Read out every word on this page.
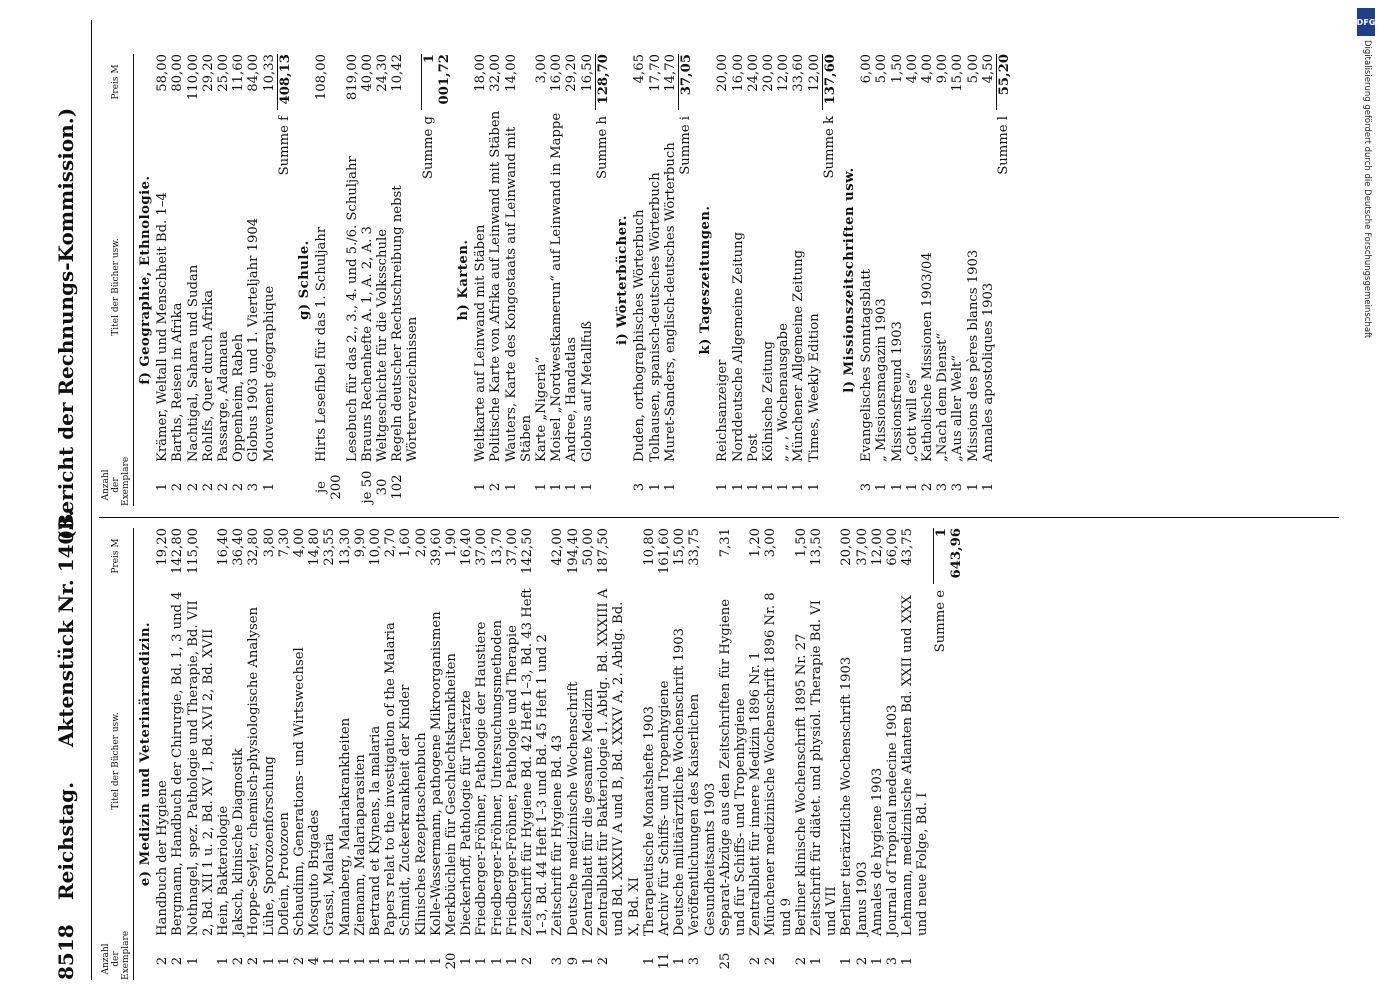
8518
Reichstag.     Aktenstück Nr. 1403.
(Bericht der Rechnungs-Kommission.)
Anzahl der Exemplare
Titel der Bücher usw.
Preis M
e) Medizin und Veterinärmedizin.
2
Handbuch der Hygiene
19,20
2
Bergmann, Handbuch der Chirurgie, Bd. 1, 3 und 4
142,80
1
Nothnagel, spez. Pathologie und Therapie, Bd. VII 2, Bd. XII 1 u. 2, Bd. XV 1, Bd. XVI 2, Bd. XVII
115,00
1
Hein, Bakteriologie
16,40
2
Jaksch, klinische Diagnostik
36,40
2
Hoppe-Seyler, chemisch-physiologische Analysen
32,80
1
Lühe, Sporozoenforschung
3,80
1
Doflein, Protozoen
7,30
2
Schaudinn, Generations- und Wirtswechsel
4,00
4
Mosquito Brigades
14,80
1
Grassi, Malaria
23,55
1
Mannaberg, Malariakrankheiten
13,30
1
Ziemann, Malariaparasiten
9,90
1
Bertrand et Klynens, la malaria
10,00
1
Papers relat to the investigation of the Malaria
2,70
1
Schmidt, Zuckerkrankheit der Kinder
1,60
1
Klinisches Rezepttaschenbuch
2,00
1
Kolle-Wassermann, pathogene Mikroorganismen
39,60
20
Merkbüchlein für Geschlechtskrankheiten
1,90
1
Dieckerhoff, Pathologie für Tierärzte
16,40
1
Friedberger-Fröhner, Pathologie der Haustiere
37,00
1
Friedberger-Fröhner, Untersuchungsmethoden
13,70
1
Friedberger-Fröhner, Pathologie und Therapie
37,00
2
Zeitschrift für Hygiene Bd. 42 Heft 1–3, Bd. 43 Heft 1–3, Bd. 44 Heft 1–3 und Bd. 45 Heft 1 und 2
142,50
3
Zeitschrift für Hygiene Bd. 43
42,00
9
Deutsche medizinische Wochenschrift
194,40
1
Zentralblatt für die gesamte Medizin
50,00
2
Zentralblatt für Bakteriologie 1. Abtlg. Bd. XXXIII A und Bd. XXXIV A und B, Bd. XXXV A, 2. Abtlg. Bd. X, Bd. XI
187,50
1
Therapeutische Monatshefte 1903
10,80
11
Archiv für Schiffs- und Tropenhygiene
161,60
1
Deutsche militärärztliche Wochenschrift 1903
15,00
3
Veröffentlichungen des Kaiserlichen Gesundheitsamts 1903
33,75
25
Separat-Abzüge aus den Zeitschriften für Hygiene und für Schiffs- und Tropenhygiene
7,31
2
Zentralblatt für innere Medizin 1896 Nr. 1
1,20
2
Münchener medizinische Wochenschrift 1896 Nr. 8 und 9
3,00
2
Berliner klinische Wochenschrift 1895 Nr. 27
1,50
1
Zeitschrift für diätet. und physiol. Therapie Bd. VI und VII
13,50
1
Berliner tierärztliche Wochenschrift 1903
20,00
2
Janus 1903
37,00
1
Annales de hygiene 1903
12,00
3
Journal of Tropical medecine 1903
66,00
1
Lehmann, medizinische Atlanten Bd. XXII und XXX und neue Folge, Bd. I
43,75
Summe e
1 643,96
Anzahl der Exemplare
Titel der Bücher usw.
Preis M
f) Geographie, Ethnologie.
1
Krämer, Weltall und Menschheit Bd. 1–4
58,00
2
Barths, Reisen in Afrika
80,00
2
Nachtigal, Sahara und Sudan
110,00
2
Rohlfs, Quer durch Afrika
29,20
2
Passarge, Adamaua
25,00
2
Oppenheim, Rabeh
11,60
3
Globus 1903 und 1. Vierteljahr 1904
84,00
1
Mouvement géographique
10,33
Summe f
408,13
g) Schule.
je 200
Hirts Lesefibel für das 1. Schuljahr
108,00
Lesebuch für das 2., 3., 4. und 5./6. Schuljahr
819,00
je 50
Brauns Rechenhefte A. 1, A. 2, A. 3
40,00
30
Weltgeschichte für die Volksschule
24,30
102
Regeln deutscher Rechtschreibung nebst Wörterverzeichnissen
10,42
Summe g
1 001,72
h) Karten.
1
Weltkarte auf Leinwand mit Stäben
18,00
2
Politische Karte von Afrika auf Leinwand mit Stäben
32,00
1
Wauters, Karte des Kongostaats auf Leinwand mit Stäben
14,00
1
Karte „Nigeria“
3,00
1
Moisel „Nordwestkamerun“ auf Leinwand in Mappe
16,00
1
Andree, Handatlas
29,20
1
Globus auf Metallfuß
16,50
Summe h
128,70
i) Wörterbücher.
3
Duden, orthographisches Wörterbuch
4,65
1
Tolhausen, spanisch-deutsches Wörterbuch
17,70
1
Muret-Sanders, englisch-deutsches Wörterbuch
14,70
Summe i
37,05
k) Tageszeitungen.
1
Reichsanzeiger
20,00
1
Norddeutsche Allgemeine Zeitung
16,00
1
Post
24,00
1
Kölnische Zeitung
20,00
1
„ „ , Wochenausgabe
12,00
1
Münchener Allgemeine Zeitung
33,60
1
Times, Weekly Edition
12,00
Summe k
137,60
l) Missionszeitschriften usw.
3
Evangelisches Sonntagsblatt
6,00
1
„ Missionsmagazin 1903
5,00
1
Missionsfreund 1903
1,50
1
„Gott will es“
4,00
2
Katholische Missionen 1903/04
4,00
3
„Nach dem Dienst“
9,00
3
„Aus aller Welt“
15,00
1
Missions des pères blancs 1903
5,00
1
Annales apostoliques 1903
4,50
Summe l
55,20
DFG
Digitalisierung gefördert durch die Deutsche Forschungsgemeinschaft
